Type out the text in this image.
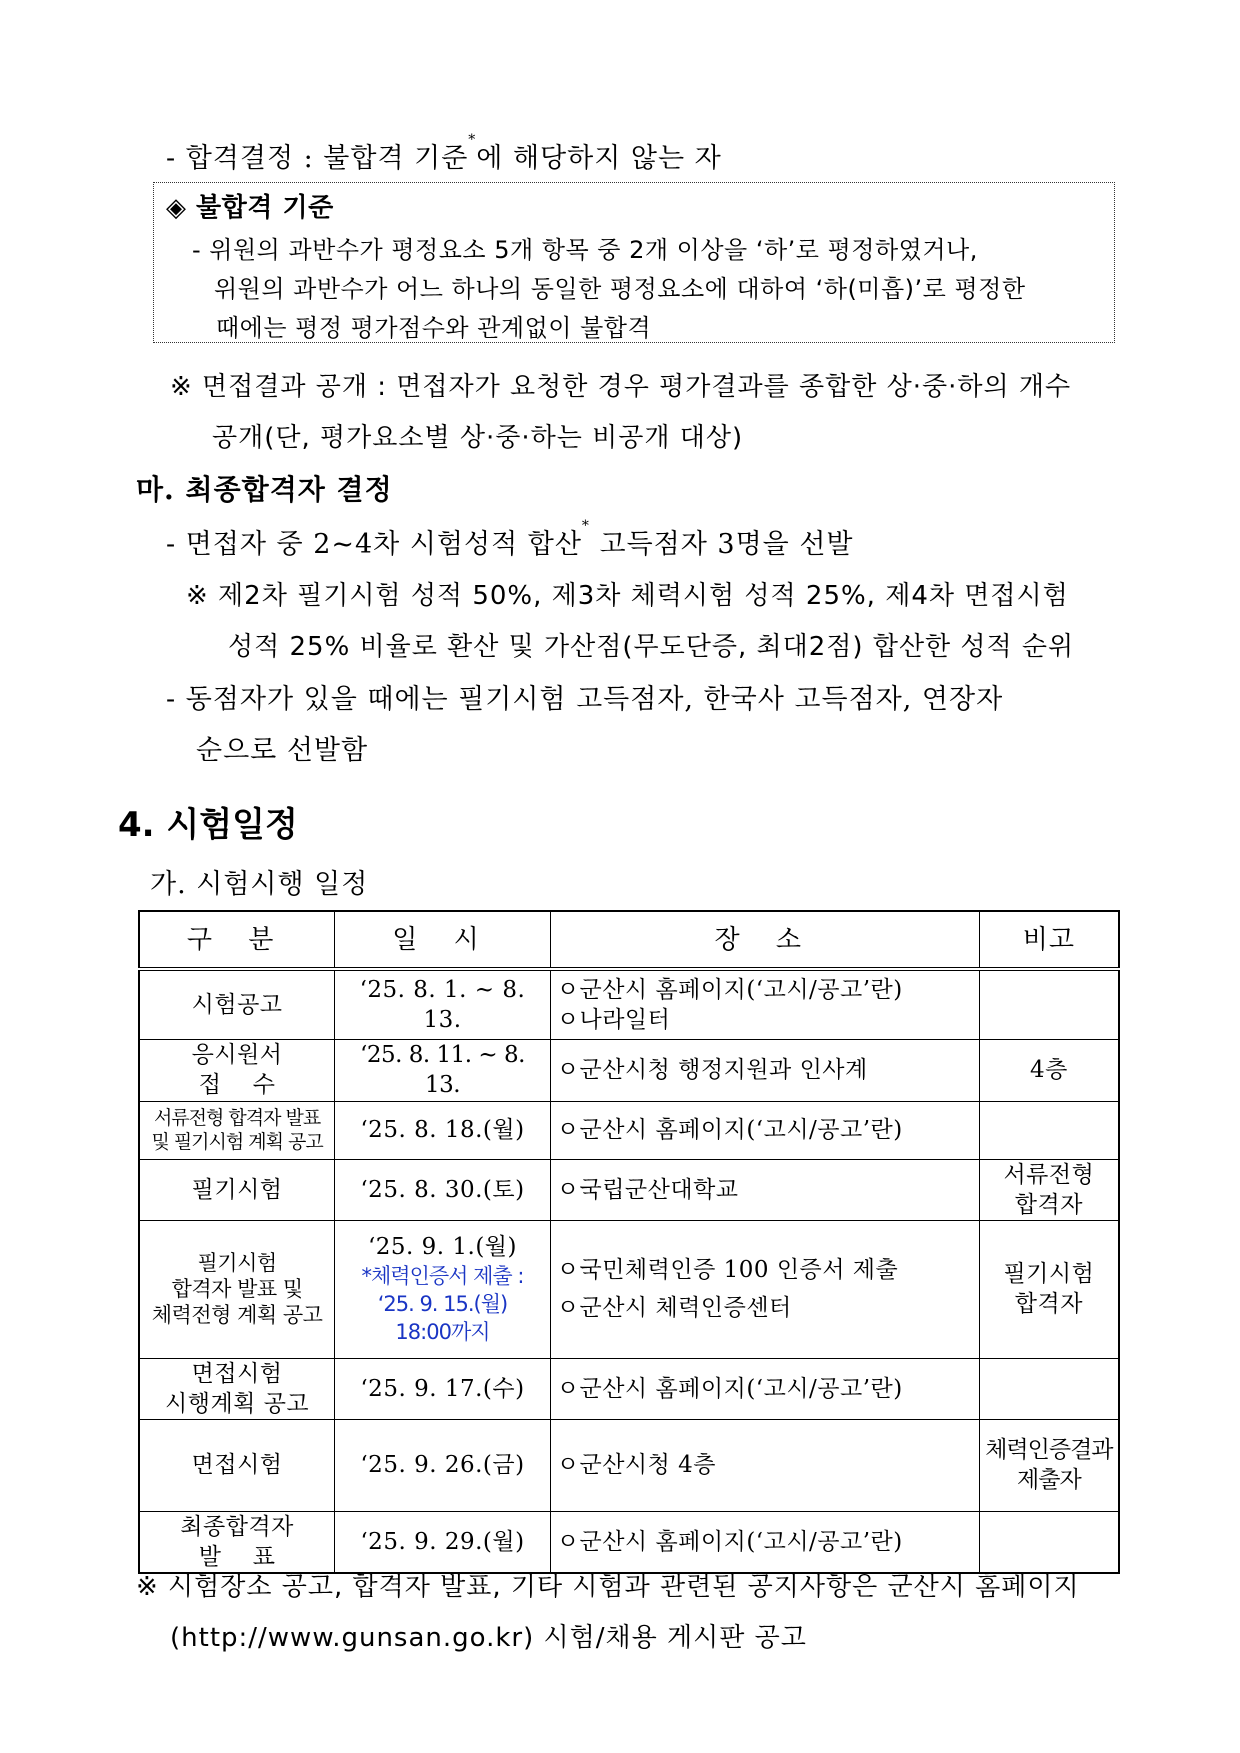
- 합격결정 : 불합격 기준*에 해당하지 않는 자
◈ 불합격 기준
- 위원의 과반수가 평정요소 5개 항목 중 2개 이상을 ‘하’로 평정하였거나,
위원의 과반수가 어느 하나의 동일한 평정요소에 대하여 ‘하(미흡)’로 평정한
때에는 평정 평가점수와 관계없이 불합격
※ 면접결과 공개 : 면접자가 요청한 경우 평가결과를 종합한 상·중·하의 개수
공개(단, 평가요소별 상·중·하는 비공개 대상)
마. 최종합격자 결정
- 면접자 중 2~4차 시험성적 합산* 고득점자 3명을 선발
※ 제2차 필기시험 성적 50%, 제3차 체력시험 성적 25%, 제4차 면접시험
성적 25% 비율로 환산 및 가산점(무도단증, 최대2점) 합산한 성적 순위
- 동점자가 있을 때에는 필기시험 고득점자, 한국사 고득점자, 연장자
순으로 선발함
4. 시험일정
가. 시험시행 일정
구 분	일 시	장 소	비고

시험공고	‘25. 8. 1. ~ 8. 13.	ㅇ군산시 홈페이지(‘고시/공고’란)
ㅇ나라일터	

응시원서
접    수	‘25. 8. 11. ~ 8. 13.	ㅇ군산시청 행정지원과 인사계	4층

서류전형 합격자 발표
및 필기시험 계획 공고	‘25. 8. 18.(월)	ㅇ군산시 홈페이지(‘고시/공고’란)	

필기시험	‘25. 8. 30.(토)	ㅇ국립군산대학교	서류전형
합격자

필기시험
합격자 발표 및
체력전형 계획 공고	‘25. 9. 1.(월)
*체력인증서 제출 :
‘25. 9. 15.(월)
18:00까지	ㅇ국민체력인증 100 인증서 제출
ㅇ군산시 체력인증센터	필기시험
합격자

면접시험
시행계획 공고	‘25. 9. 17.(수)	ㅇ군산시 홈페이지(‘고시/공고’란)	

면접시험	‘25. 9. 26.(금)	ㅇ군산시청 4층	체력인증결과
제출자

최종합격자
발    표	‘25. 9. 29.(월)	ㅇ군산시 홈페이지(‘고시/공고’란)	

※ 시험장소 공고, 합격자 발표, 기타 시험과 관련된 공지사항은 군산시 홈페이지
(http://www.gunsan.go.kr) 시험/채용 게시판 공고
